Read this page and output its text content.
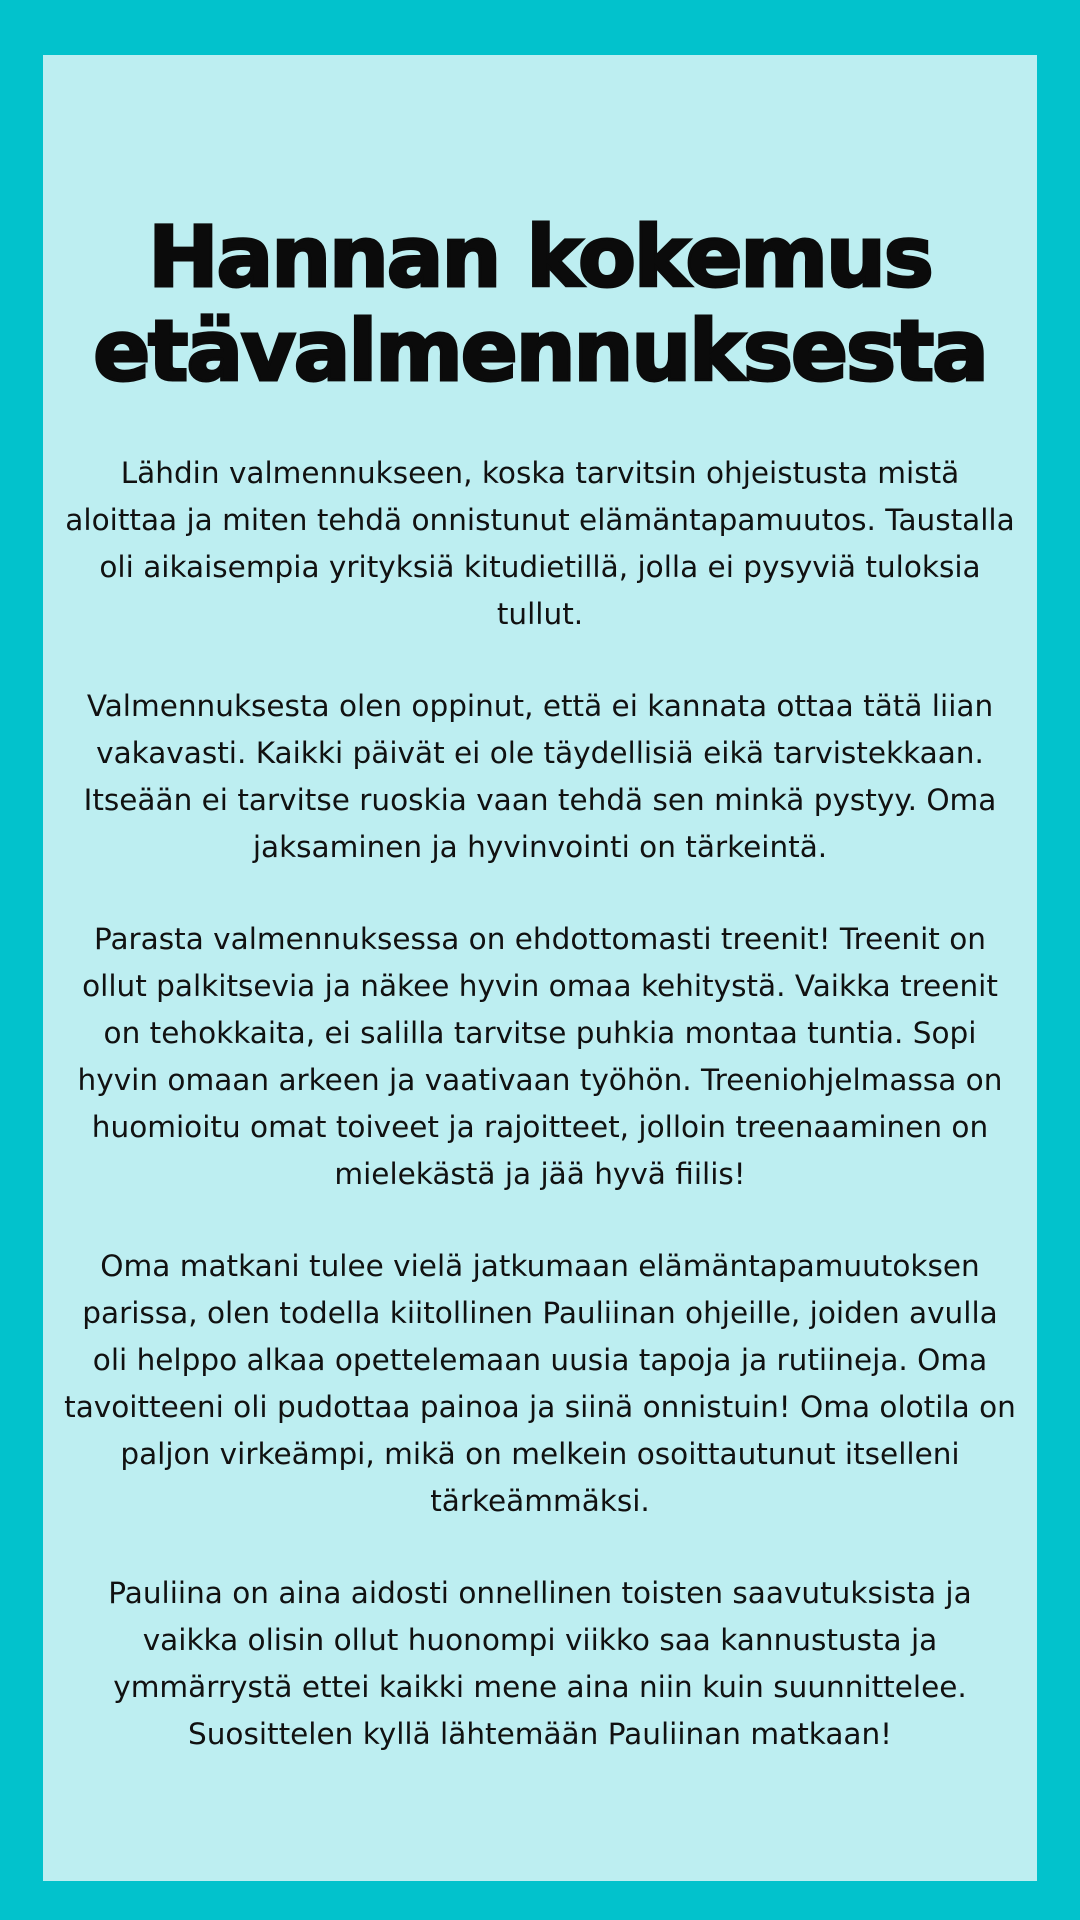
Hannan kokemus
etävalmennuksesta

Lähdin valmennukseen, koska tarvitsin ohjeistusta mistä aloittaa ja miten tehdä onnistunut elämäntapamuutos. Taustalla oli aikaisempia yrityksiä kitudietillä, jolla ei pysyviä tuloksia tullut.

Valmennuksesta olen oppinut, että ei kannata ottaa tätä liian vakavasti. Kaikki päivät ei ole täydellisiä eikä tarvistekkaan. Itseään ei tarvitse ruoskia vaan tehdä sen minkä pystyy. Oma jaksaminen ja hyvinvointi on tärkeintä.

Parasta valmennuksessa on ehdottomasti treenit! Treenit on ollut palkitsevia ja näkee hyvin omaa kehitystä. Vaikka treenit on tehokkaita, ei salilla tarvitse puhkia montaa tuntia. Sopi hyvin omaan arkeen ja vaativaan työhön. Treeniohjelmassa on huomioitu omat toiveet ja rajoitteet, jolloin treenaaminen on mielekästä ja jää hyvä fiilis!

Oma matkani tulee vielä jatkumaan elämäntapamuutoksen parissa, olen todella kiitollinen Pauliinan ohjeille, joiden avulla oli helppo alkaa opettelemaan uusia tapoja ja rutiineja. Oma tavoitteeni oli pudottaa painoa ja siinä onnistuin! Oma olotila on paljon virkeämpi, mikä on melkein osoittautunut itselleni tärkeämmäksi.

Pauliina on aina aidosti onnellinen toisten saavutuksista ja vaikka olisin ollut huonompi viikko saa kannustusta ja ymmärrystä ettei kaikki mene aina niin kuin suunnittelee. Suosittelen kyllä lähtemään Pauliinan matkaan!
